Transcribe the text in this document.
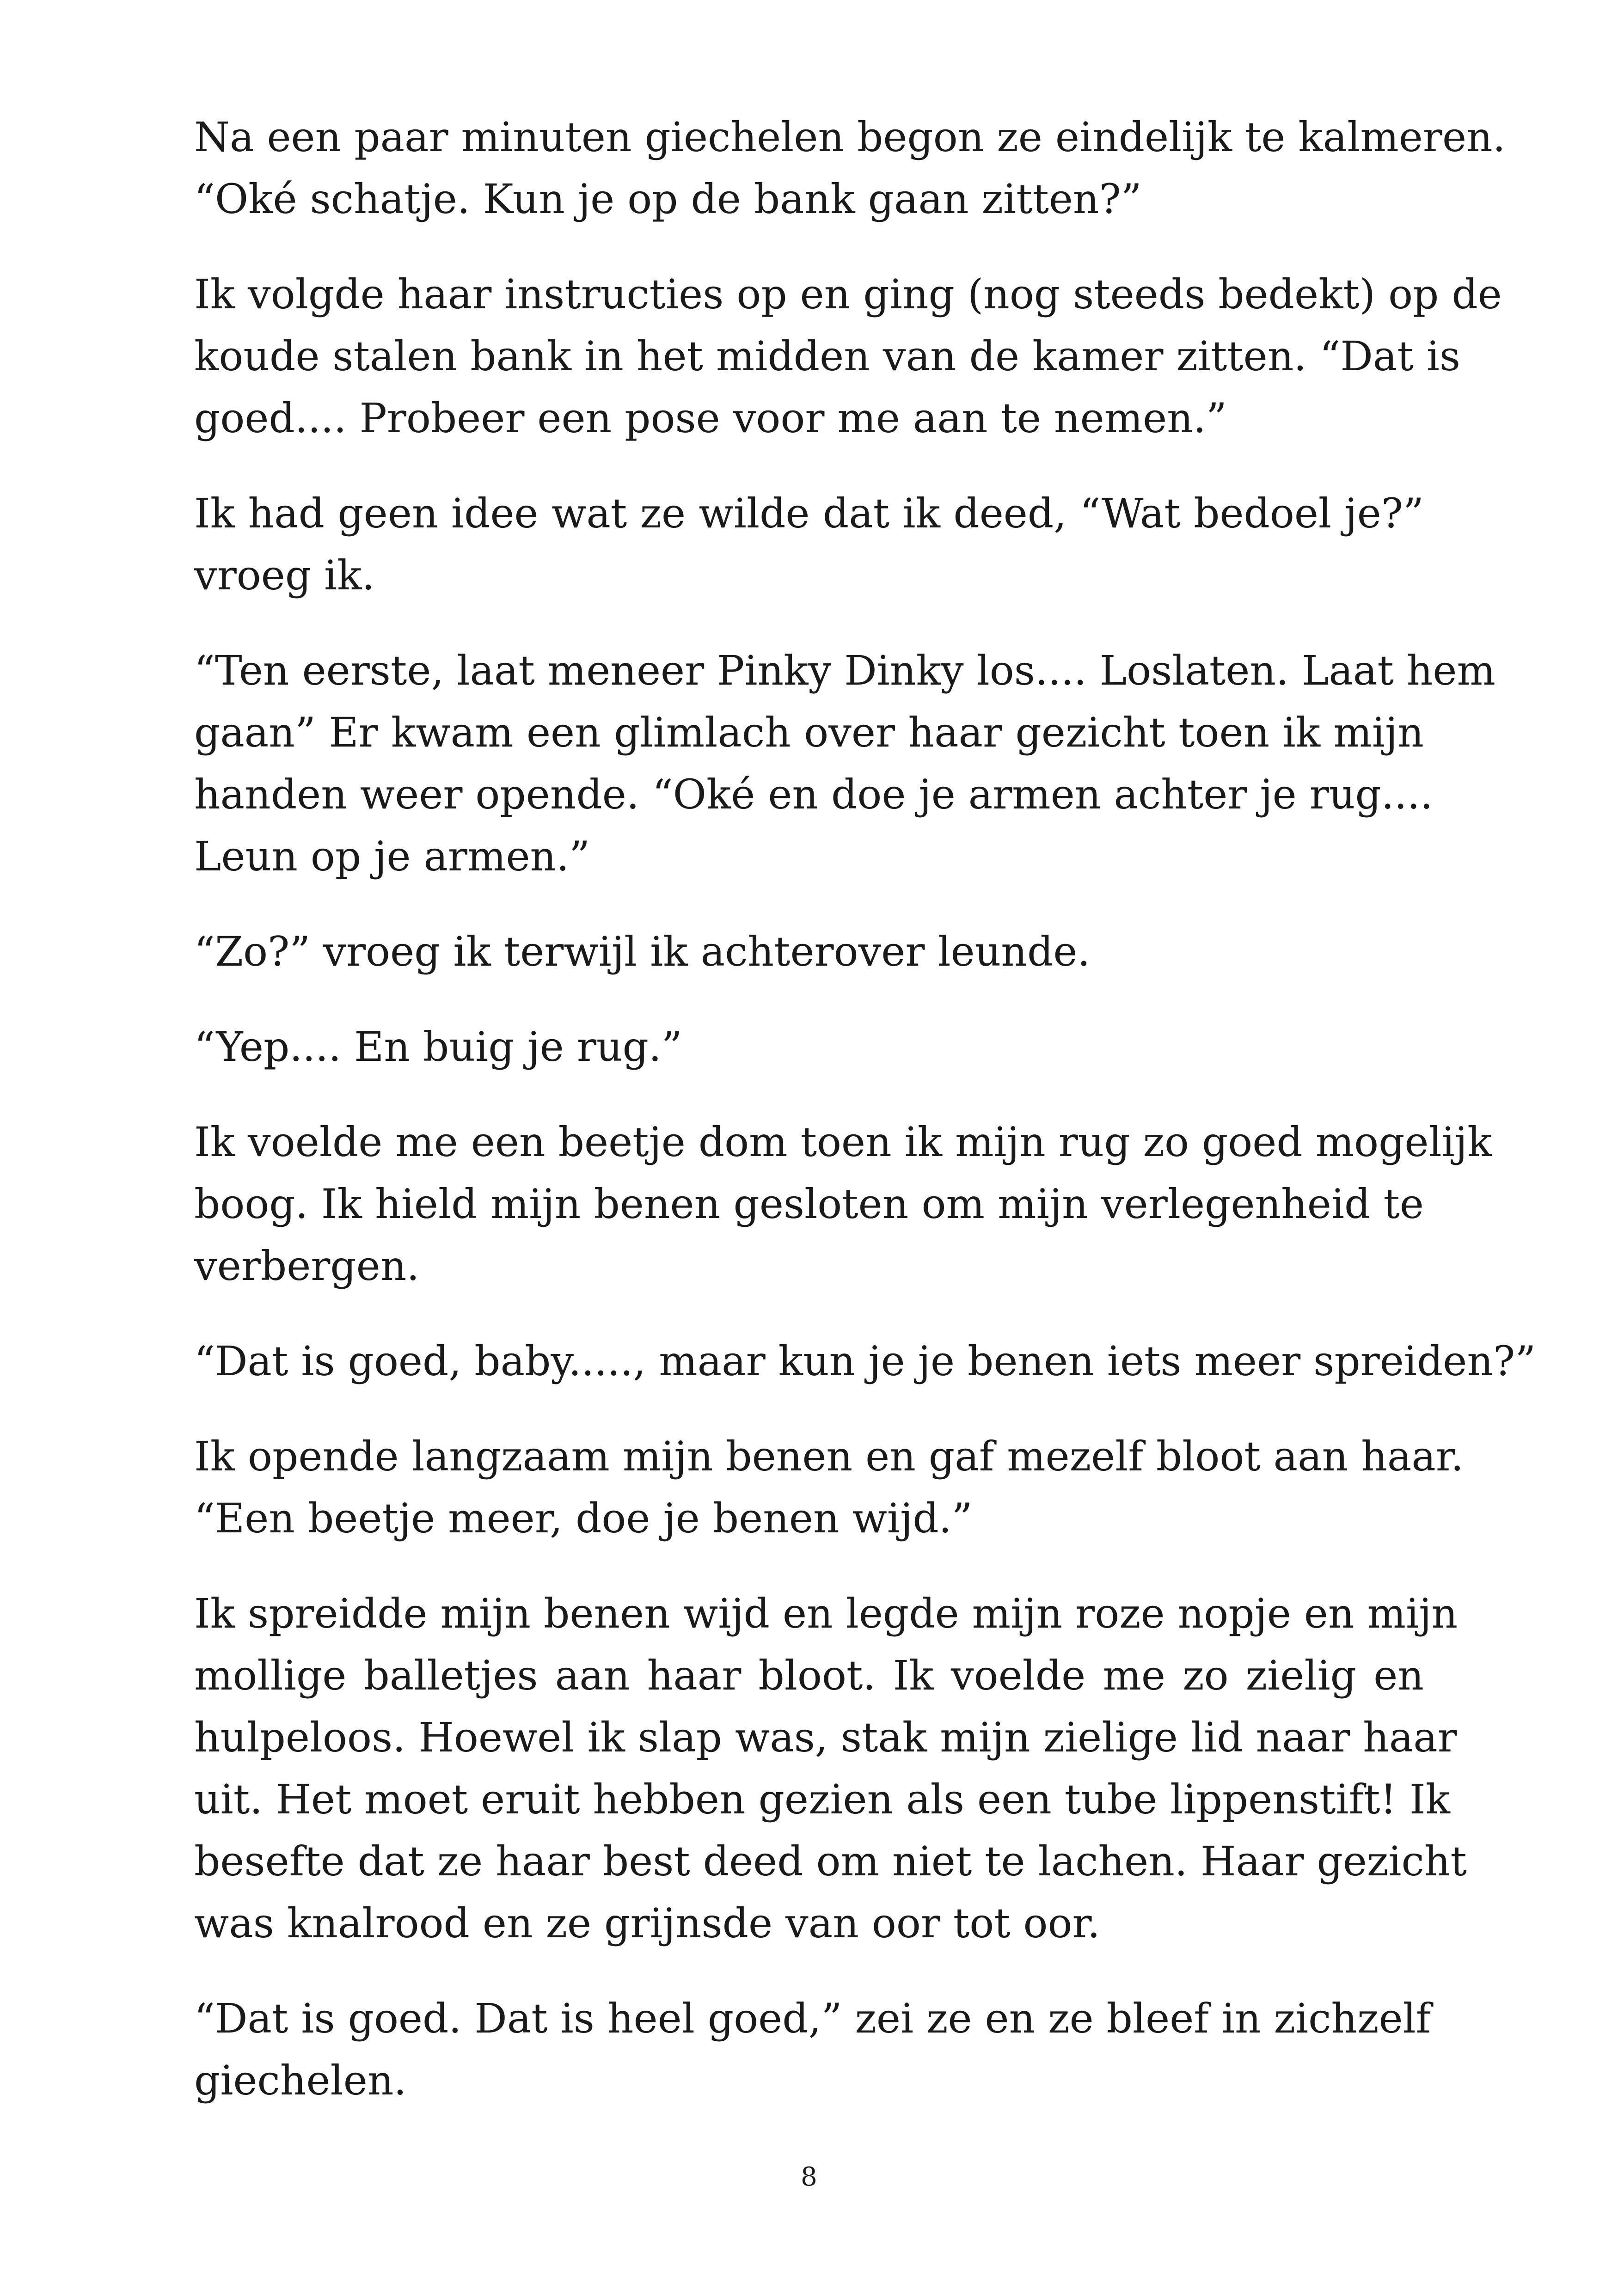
Na een paar minuten giechelen begon ze eindelijk te kalmeren.
“Oké schatje. Kun je op de bank gaan zitten?”

Ik volgde haar instructies op en ging (nog steeds bedekt) op de
koude stalen bank in het midden van de kamer zitten. “Dat is
goed.... Probeer een pose voor me aan te nemen.”

Ik had geen idee wat ze wilde dat ik deed, “Wat bedoel je?”
vroeg ik.

“Ten eerste, laat meneer Pinky Dinky los.... Loslaten. Laat hem
gaan” Er kwam een glimlach over haar gezicht toen ik mijn
handen weer opende. “Oké en doe je armen achter je rug....
Leun op je armen.”

“Zo?” vroeg ik terwijl ik achterover leunde.

“Yep.... En buig je rug.”

Ik voelde me een beetje dom toen ik mijn rug zo goed mogelijk
boog. Ik hield mijn benen gesloten om mijn verlegenheid te
verbergen.

“Dat is goed, baby....., maar kun je je benen iets meer spreiden?”

Ik opende langzaam mijn benen en gaf mezelf bloot aan haar.
“Een beetje meer, doe je benen wijd.”

Ik spreidde mijn benen wijd en legde mijn roze nopje en mijn
mollige balletjes aan haar bloot. Ik voelde me zo zielig en
hulpeloos. Hoewel ik slap was, stak mijn zielige lid naar haar
uit. Het moet eruit hebben gezien als een tube lippenstift! Ik
besefte dat ze haar best deed om niet te lachen. Haar gezicht
was knalrood en ze grijnsde van oor tot oor.

“Dat is goed. Dat is heel goed,” zei ze en ze bleef in zichzelf
giechelen.

8
